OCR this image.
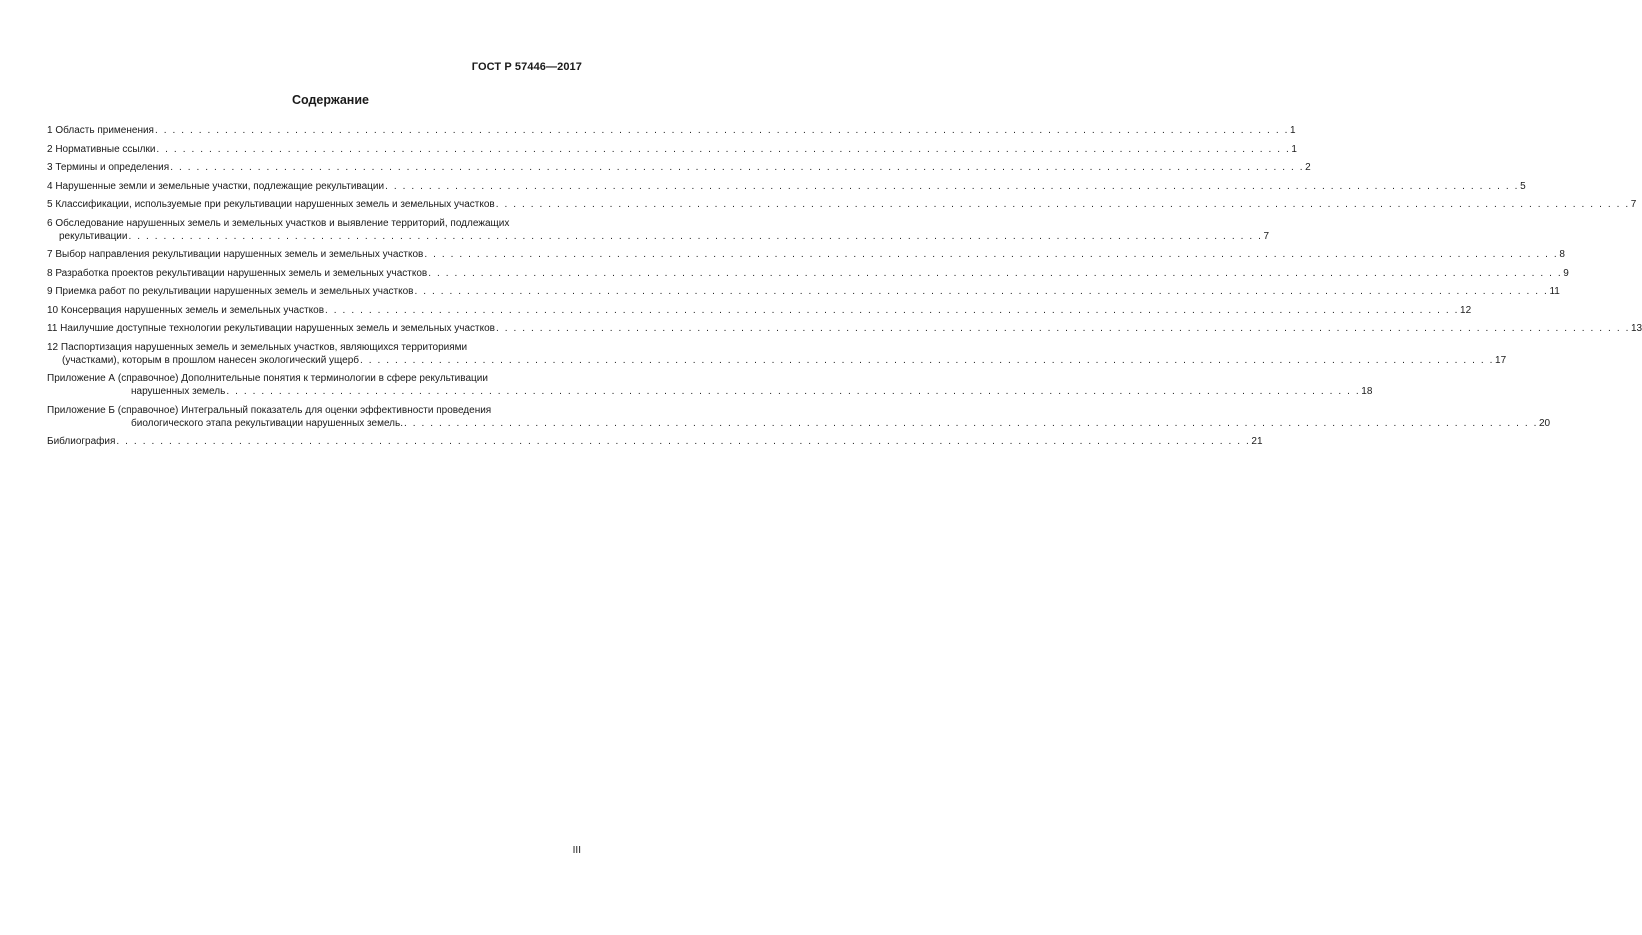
ГОСТ Р 57446—2017
Содержание
1 Область применения . . .	1
2 Нормативные ссылки . . .	1
3 Термины и определения . . .	2
4 Нарушенные земли и земельные участки, подлежащие рекультивации . . .	5
5 Классификации, используемые при рекультивации нарушенных земель и земельных участков . . .	7
6 Обследование нарушенных земель и земельных участков и выявление территорий, подлежащих
рекультивации . . .	7
7 Выбор направления рекультивации нарушенных земель и земельных участков . . .	8
8 Разработка проектов рекультивации нарушенных земель и земельных участков . . .	9
9 Приемка работ по рекультивации нарушенных земель и земельных участков . . .	11
10 Консервация нарушенных земель и земельных участков . . .	12
11 Наилучшие доступные технологии рекультивации нарушенных земель и земельных участков . . .	13
12 Паспортизация нарушенных земель и земельных участков, являющихся территориями
(участками), которым в прошлом нанесен экологический ущерб . . .	17
Приложение А (справочное) Дополнительные понятия к терминологии в сфере рекультивации
нарушенных земель . . .	18
Приложение Б (справочное) Интегральный показатель для оценки эффективности проведения
биологического этапа рекультивации нарушенных земель. . . .	20
Библиография . . .	21
III
